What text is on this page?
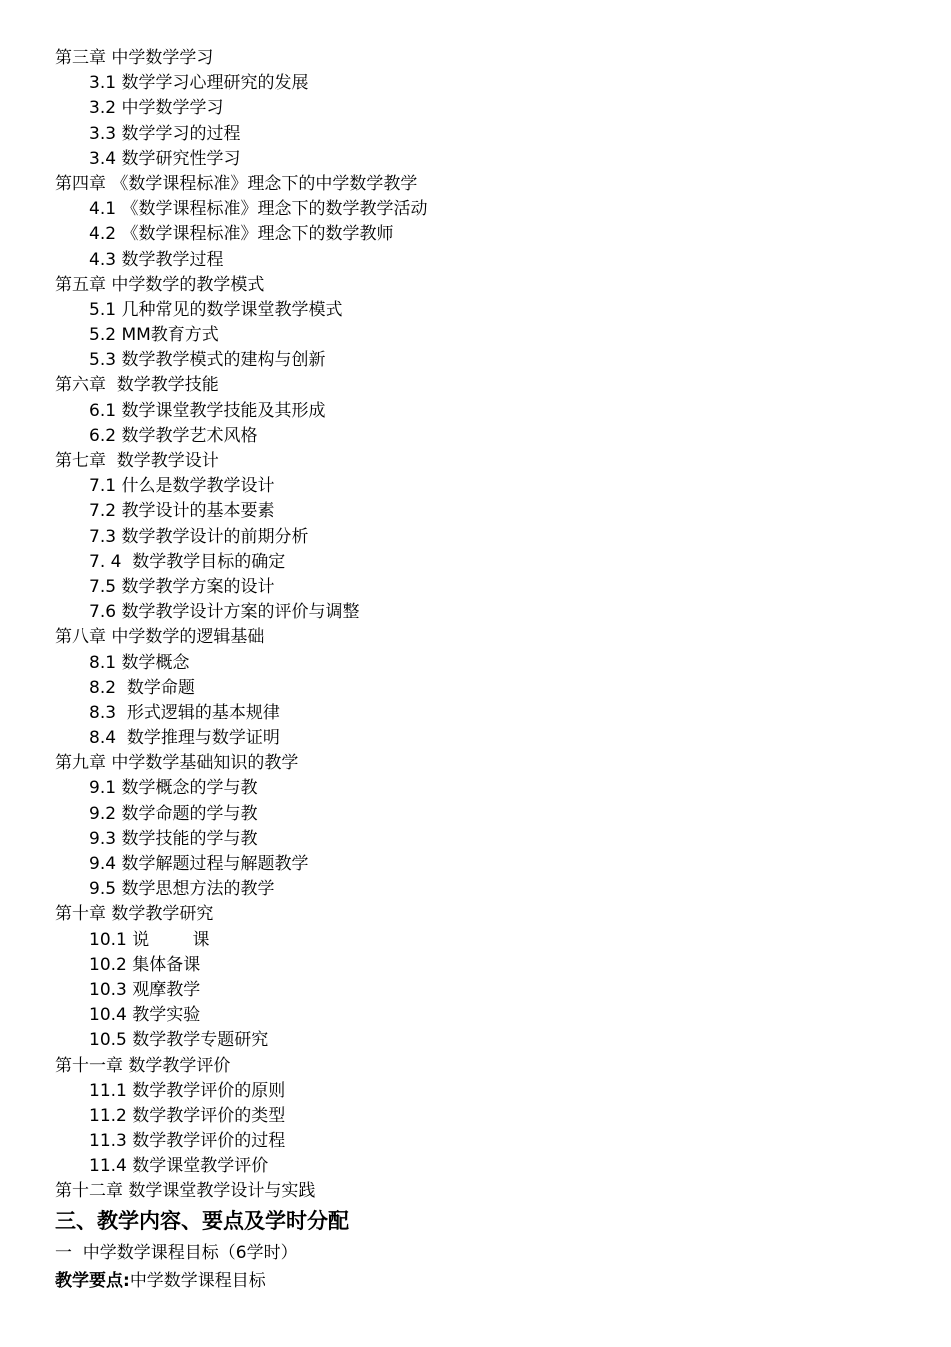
第三章 中学数学学习
3.1 数学学习心理研究的发展
3.2 中学数学学习
3.3 数学学习的过程
3.4 数学研究性学习
第四章 《数学课程标准》理念下的中学数学教学
4.1 《数学课程标准》理念下的数学教学活动
4.2 《数学课程标准》理念下的数学教师
4.3 数学教学过程
第五章 中学数学的教学模式
5.1 几种常见的数学课堂教学模式
5.2 MM教育方式
5.3 数学教学模式的建构与创新
第六章  数学教学技能
6.1 数学课堂教学技能及其形成
6.2 数学教学艺术风格
第七章  数学教学设计
7.1 什么是数学教学设计
7.2 教学设计的基本要素
7.3 数学教学设计的前期分析
7. 4  数学教学目标的确定
7.5 数学教学方案的设计
7.6 数学教学设计方案的评价与调整
第八章 中学数学的逻辑基础
8.1 数学概念
8.2  数学命题
8.3  形式逻辑的基本规律
8.4  数学推理与数学证明
第九章 中学数学基础知识的教学
9.1 数学概念的学与教
9.2 数学命题的学与教
9.3 数学技能的学与教
9.4 数学解题过程与解题教学
9.5 数学思想方法的教学
第十章 数学教学研究
10.1 说        课
10.2 集体备课
10.3 观摩教学
10.4 教学实验
10.5 数学教学专题研究
第十一章 数学教学评价
11.1 数学教学评价的原则
11.2 数学教学评价的类型
11.3 数学教学评价的过程
11.4 数学课堂教学评价
第十二章 数学课堂教学设计与实践
三、教学内容、要点及学时分配
一  中学数学课程目标（6学时）
教学要点:中学数学课程目标
